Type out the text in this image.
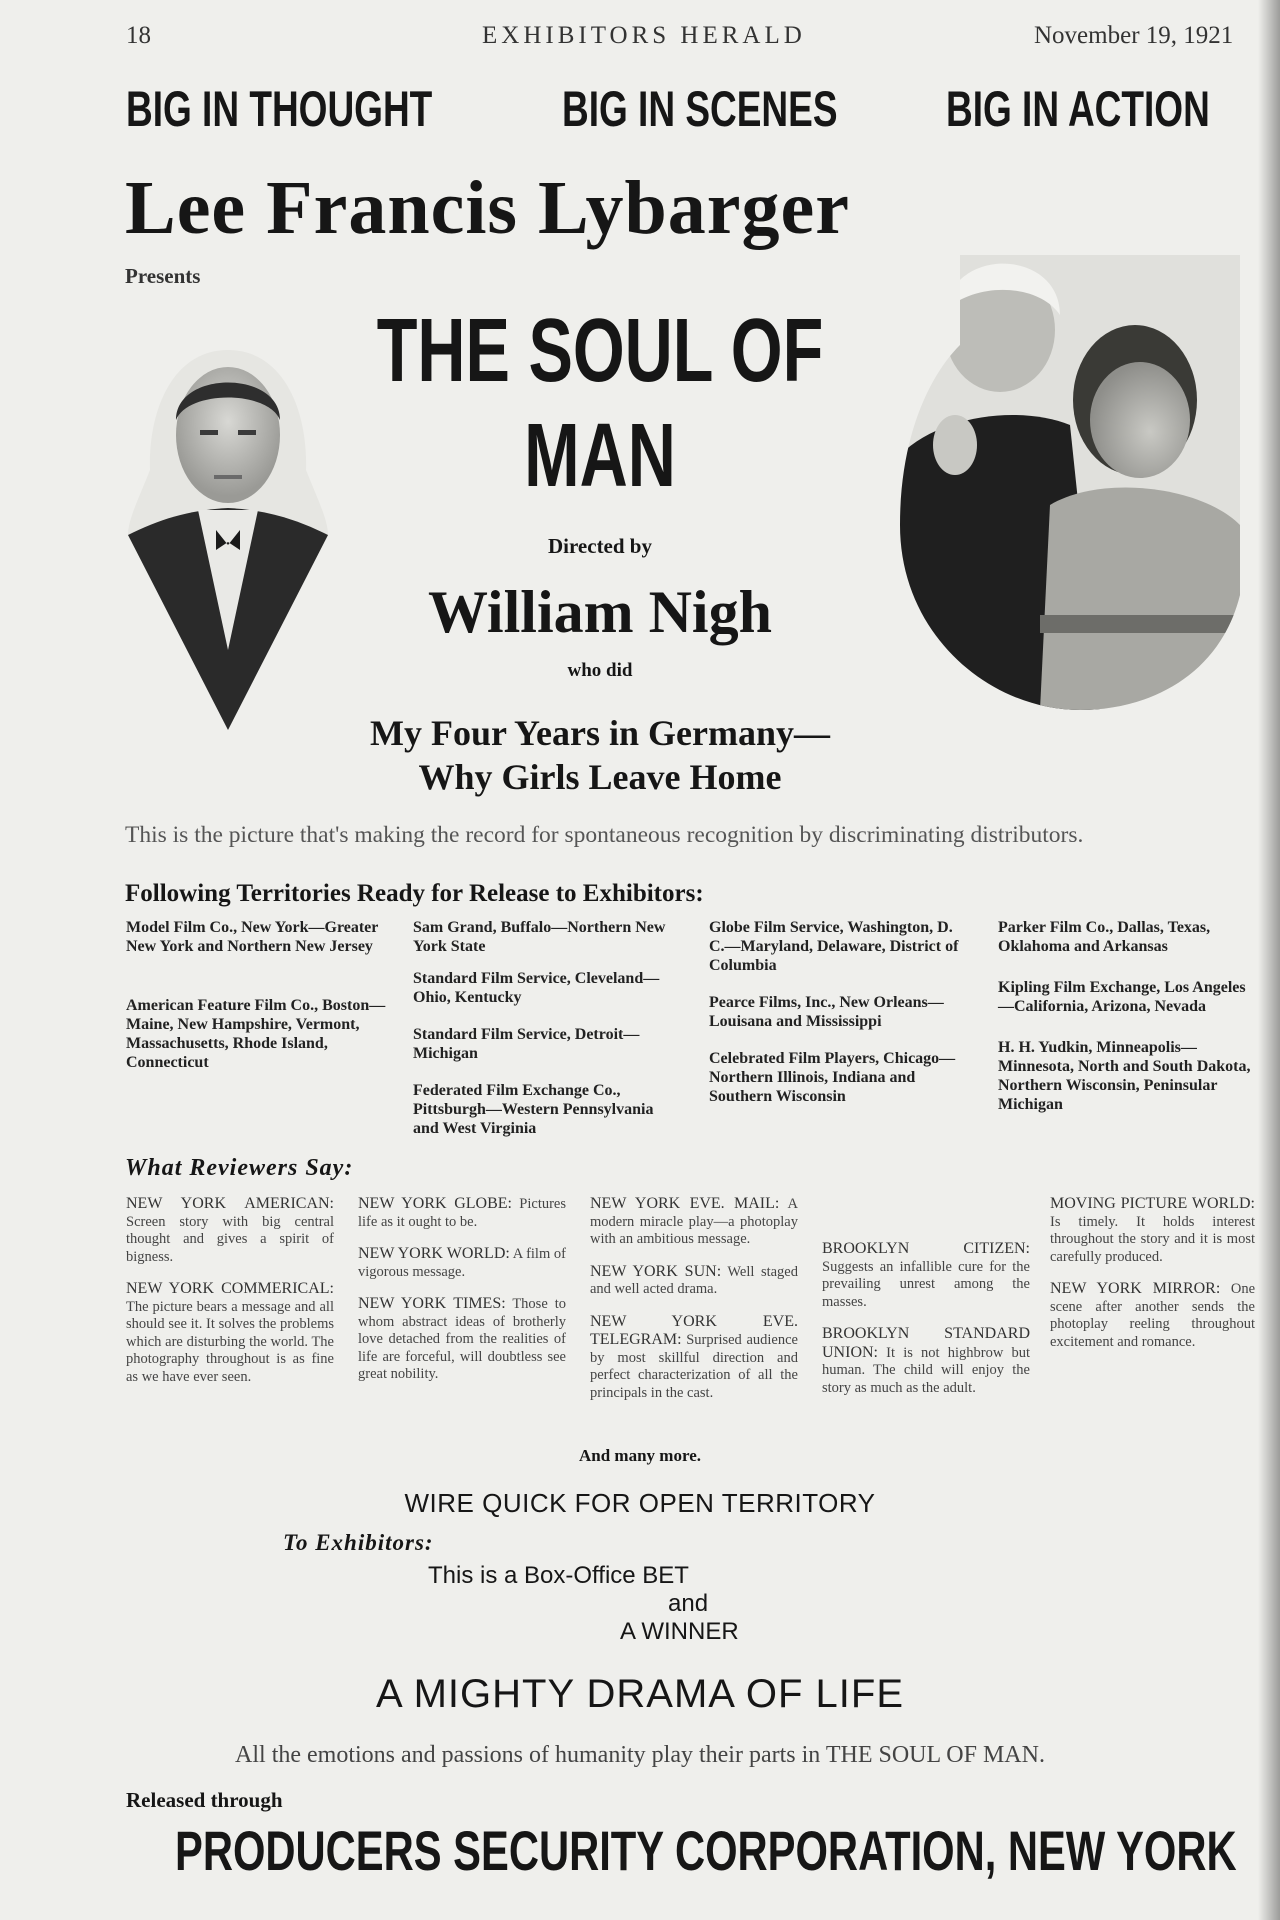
18	EXHIBITORS HERALD	November 19, 1921
BIG IN THOUGHT	BIG IN SCENES BIG IN ACTION
Lee Francis Lybarger
Presents
THE SOUL OF
MAN
Directed by
William Nigh
who did
My Four Years in Germany—
Why Girls Leave Home
This is the picture that's making the record for spontaneous recognition by discriminating distributors.
Following Territories Ready for Release to Exhibitors:
Model Film Co., New York—Greater New York and Northern New Jersey
American Feature Film Co., Boston—Maine, New Hampshire, Vermont, Massachusetts, Rhode Island, Connecticut
Sam Grand, Buffalo—Northern New York State
Standard Film Service, Cleveland—Ohio, Kentucky
Standard Film Service, Detroit—Michigan
Federated Film Exchange Co., Pittsburgh—Western Pennsylvania and West Virginia
Globe Film Service, Washington, D. C.—Maryland, Delaware, District of Columbia
Pearce Films, Inc., New Orleans—Louisana and Mississippi
Celebrated Film Players, Chicago—Northern Illinois, Indiana and Southern Wisconsin
Parker Film Co., Dallas, Texas, Oklahoma and Arkansas
Kipling Film Exchange, Los Angeles—California, Arizona, Nevada
H. H. Yudkin, Minneapolis—Minnesota, North and South Dakota, Northern Wisconsin, Peninsular Michigan
What Reviewers Say:

NEW YORK AMERICAN: Screen story with big central thought and gives a spirit of bigness.

NEW YORK COMMERICAL: The picture bears a message and all should see it. It solves the problems which are disturbing the world. The photography throughout is as fine as we have ever seen.

NEW YORK GLOBE: Pictures life as it ought to be.

NEW YORK WORLD: A film of vigorous message.

NEW YORK TIMES: Those to whom abstract ideas of brotherly love detached from the realities of life are forceful, will doubtless see great nobility.

NEW YORK EVE. MAIL: A modern miracle play—a photoplay with an ambitious message.

NEW YORK SUN: Well staged and well acted drama.

NEW YORK EVE. TELEGRAM: Surprised audience by most skillful direction and perfect characterization of all the principals in the cast.

BROOKLYN CITIZEN: Suggests an infallible cure for the prevailing unrest among the masses.

BROOKLYN STANDARD UNION: It is not highbrow but human. The child will enjoy the story as much as the adult.

MOVING PICTURE WORLD: Is timely. It holds interest throughout the story and it is most carefully produced.

NEW YORK MIRROR: One scene after another sends the photoplay reeling throughout excitement and romance.

And many more.
WIRE QUICK FOR OPEN TERRITORY
To Exhibitors:
This is a Box-Office BET
and
A WINNER
A MIGHTY DRAMA OF LIFE
All the emotions and passions of humanity play their parts in THE SOUL OF MAN.
Released through
PRODUCERS SECURITY CORPORATION, NEW YORK
